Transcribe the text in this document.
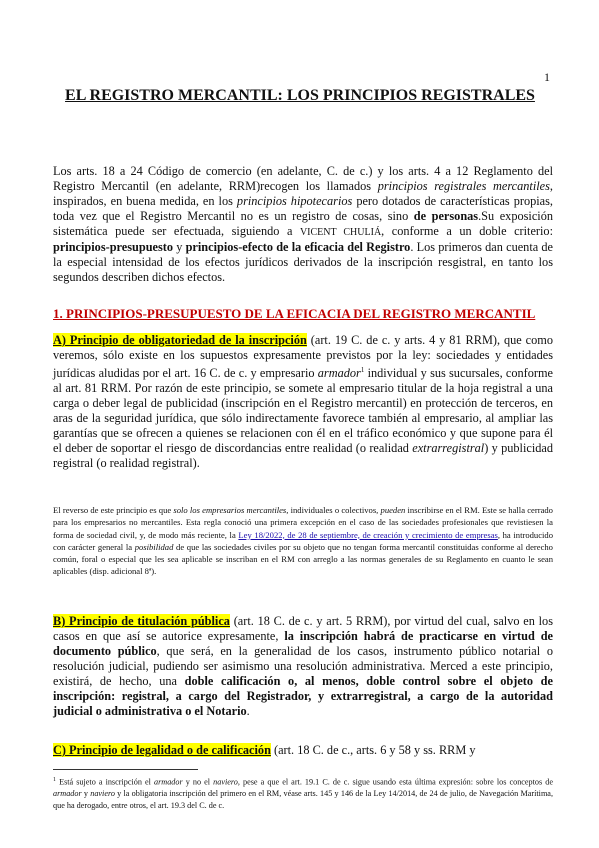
1
EL REGISTRO MERCANTIL: LOS PRINCIPIOS REGISTRALES

Los arts. 18 a 24 Código de comercio (en adelante, C. de c.) y los arts. 4 a 12 Reglamento del Registro Mercantil (en adelante, RRM)recogen los llamados principios registrales mercantiles, inspirados, en buena medida, en los principios hipotecarios pero dotados de características propias, toda vez que el Registro Mercantil no es un registro de cosas, sino de personas.Su exposición sistemática puede ser efectuada, siguiendo a VICENT CHULIÁ, conforme a un doble criterio: principios-presupuesto y principios-efecto de la eficacia del Registro. Los primeros dan cuenta de la especial intensidad de los efectos jurídicos derivados de la inscripción resgistral, en tanto los segundos describen dichos efectos.

1. PRINCIPIOS-PRESUPUESTO DE LA EFICACIA DEL REGISTRO MERCANTIL

A) Principio de obligatoriedad de la inscripción (art. 19 C. de c. y arts. 4 y 81 RRM), que como veremos, sólo existe en los supuestos expresamente previstos por la ley: sociedades y entidades jurídicas aludidas por el art. 16 C. de c. y empresario armador$^1$ individual y sus sucursales, conforme al art. 81 RRM. Por razón de este principio, se somete al empresario titular de la hoja registral a una carga o deber legal de publicidad (inscripción en el Registro mercantil) en protección de terceros, en aras de la seguridad jurídica, que sólo indirectamente favorece también al empresario, al ampliar las garantías que se ofrecen a quienes se relacionen con él en el tráfico económico y que supone para él el deber de soportar el riesgo de discordancias entre realidad (o realidad extrarregistral) y publicidad registral (o realidad registral).

El reverso de este principio es que solo los empresarios mercantiles, individuales o colectivos, pueden inscribirse en el RM. Este se halla cerrado para los empresarios no mercantiles. Esta regla conoció una primera excepción en el caso de las sociedades profesionales que revistiesen la forma de sociedad civil, y, de modo más reciente, la Ley 18/2022, de 28 de septiembre, de creación y crecimiento de empresas, ha introducido con carácter general la posibilidad de que las sociedades civiles por su objeto que no tengan forma mercantil constituidas conforme al derecho común, foral o especial que les sea aplicable se inscriban en el RM con arreglo a las normas generales de su Reglamento en cuanto le sean aplicables (disp. adicional 8ª).

B) Principio de titulación pública (art. 18 C. de c. y art. 5 RRM), por virtud del cual, salvo en los casos en que así se autorice expresamente, la inscripción habrá de practicarse en virtud de documento público, que será, en la generalidad de los casos, instrumento público notarial o resolución judicial, pudiendo ser asimismo una resolución administrativa. Merced a este principio, existirá, de hecho, una doble calificación o, al menos, doble control sobre el objeto de inscripción: registral, a cargo del Registrador, y extrarregistral, a cargo de la autoridad judicial o administrativa o el Notario.

C) Principio de legalidad o de calificación (art. 18 C. de c., arts. 6 y 58 y ss. RRM y

$^1$ Está sujeto a inscripción el armador y no el naviero, pese a que el art. 19.1 C. de c. sigue usando esta última expresión: sobre los conceptos de armador y naviero y la obligatoria inscripción del primero en el RM, véase arts. 145 y 146 de la Ley 14/2014, de 24 de julio, de Navegación Marítima, que ha derogado, entre otros, el art. 19.3 del C. de c.
